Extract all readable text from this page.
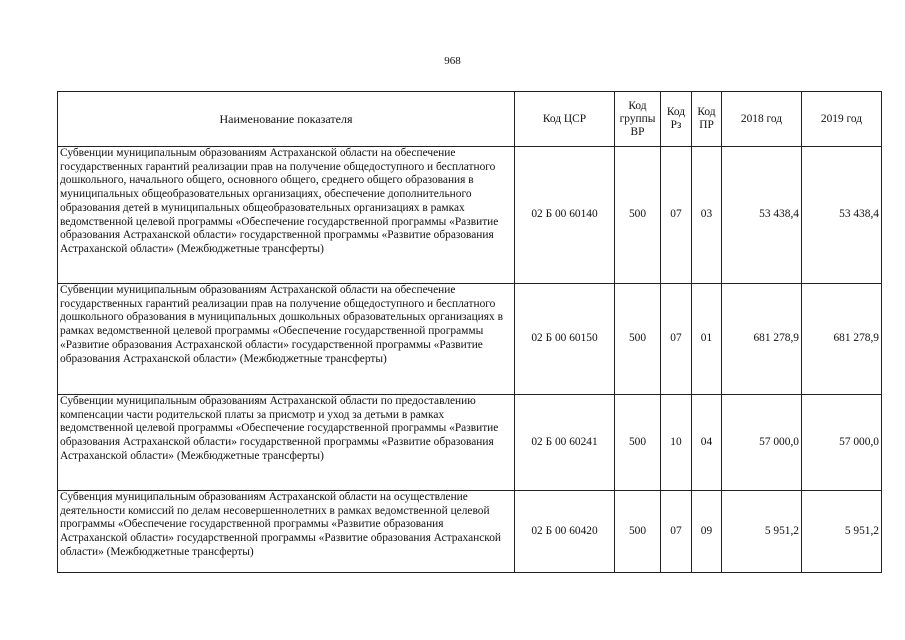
968
Наименование показателя	Код ЦСР	Код группы ВР	Код Рз	Код ПР	2018 год	2019 год
Субвенции муниципальным образованиям Астраханской области на обеспечение государственных гарантий реализации прав на получение общедоступного и бесплатного дошкольного, начального общего, основного общего, среднего общего образования в муниципальных общеобразовательных организациях, обеспечение дополнительного образования детей в муниципальных общеобразовательных организациях в рамках ведомственной целевой программы «Обеспечение государственной программы «Развитие образования Астраханской области» государственной программы «Развитие образования Астраханской области» (Межбюджетные трансферты)	02 Б 00 60140	500	07	03	53 438,4	53 438,4
Субвенции муниципальным образованиям Астраханской области на обеспечение государственных гарантий реализации прав на получение общедоступного и бесплатного дошкольного образования в муниципальных дошкольных образовательных организациях в рамках ведомственной целевой программы «Обеспечение государственной программы «Развитие образования Астраханской области» государственной программы «Развитие образования Астраханской области» (Межбюджетные трансферты)	02 Б 00 60150	500	07	01	681 278,9	681 278,9
Субвенции муниципальным образованиям Астраханской области по предоставлению компенсации части родительской платы за присмотр и уход за детьми в рамках ведомственной целевой программы «Обеспечение государственной программы «Развитие образования Астраханской области» государственной программы «Развитие образования Астраханской области» (Межбюджетные трансферты)	02 Б 00 60241	500	10	04	57 000,0	57 000,0
Субвенция муниципальным образованиям Астраханской области на осуществление деятельности комиссий по делам несовершеннолетних в рамках ведомственной целевой программы «Обеспечение государственной программы «Развитие образования Астраханской области» государственной программы «Развитие образования Астраханской области» (Межбюджетные трансферты)	02 Б 00 60420	500	07	09	5 951,2	5 951,2
